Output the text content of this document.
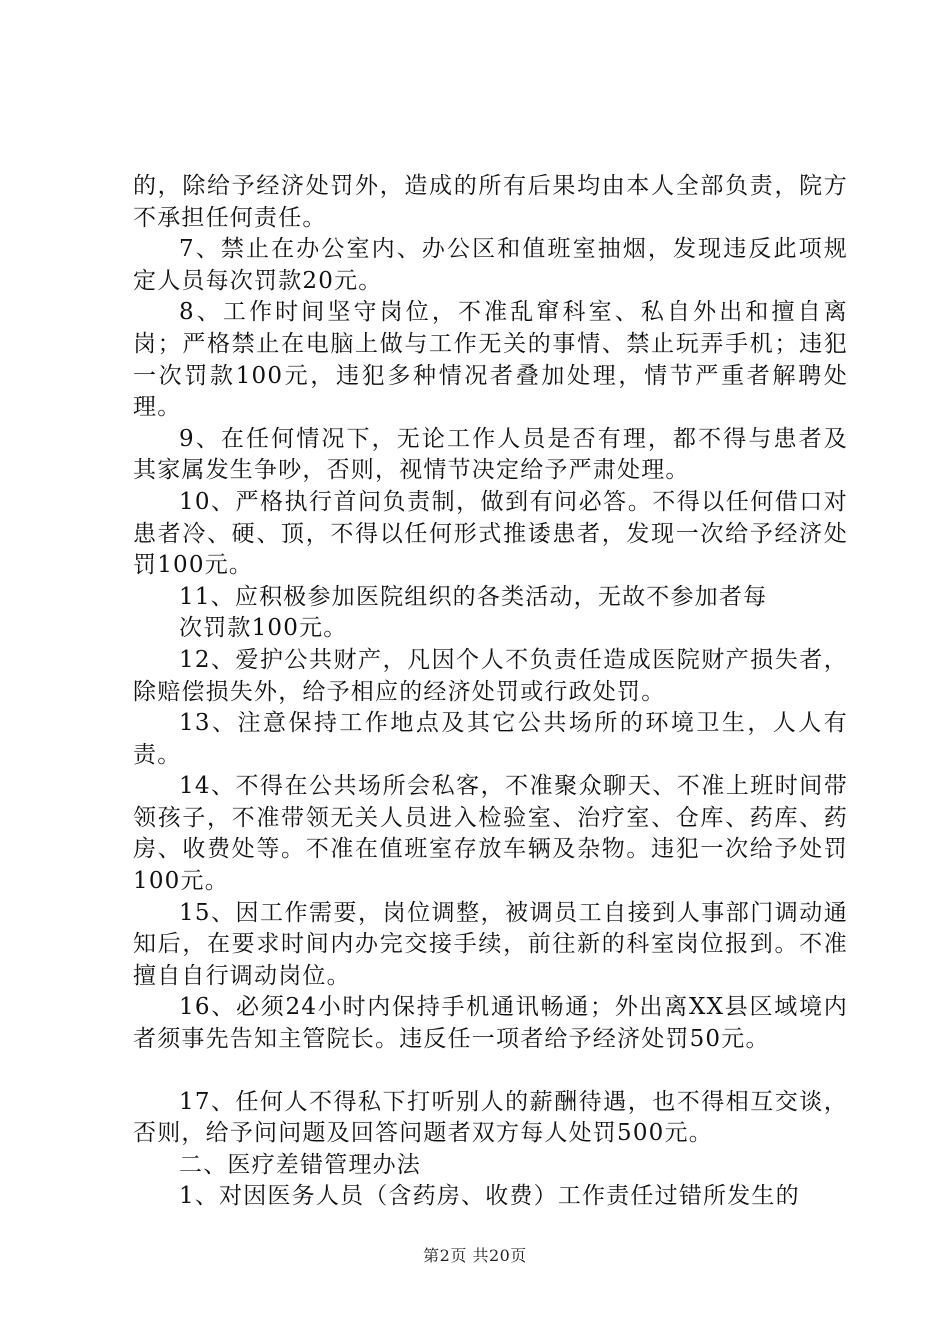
的，除给予经济处罚外，造成的所有后果均由本人全部负责，院方不承担任何责任。

7、禁止在办公室内、办公区和值班室抽烟，发现违反此项规定人员每次罚款20元。

8、工作时间坚守岗位，不准乱窜科室、私自外出和擅自离岗；严格禁止在电脑上做与工作无关的事情、禁止玩弄手机；违犯一次罚款100元，违犯多种情况者叠加处理，情节严重者解聘处理。

9、在任何情况下，无论工作人员是否有理，都不得与患者及其家属发生争吵，否则，视情节决定给予严肃处理。

10、严格执行首问负责制，做到有问必答。不得以任何借口对患者冷、硬、顶，不得以任何形式推诿患者，发现一次给予经济处罚100元。

11、应积极参加医院组织的各类活动，无故不参加者每
次罚款100元。

12、爱护公共财产，凡因个人不负责任造成医院财产损失者，除赔偿损失外，给予相应的经济处罚或行政处罚。

13、注意保持工作地点及其它公共场所的环境卫生，人人有责。

14、不得在公共场所会私客，不准聚众聊天、不准上班时间带领孩子，不准带领无关人员进入检验室、治疗室、仓库、药库、药房、收费处等。不准在值班室存放车辆及杂物。违犯一次给予处罚100元。

15、因工作需要，岗位调整，被调员工自接到人事部门调动通知后，在要求时间内办完交接手续，前往新的科室岗位报到。不准擅自自行调动岗位。

16、必须24小时内保持手机通讯畅通；外出离XX县区域境内者须事先告知主管院长。违反任一项者给予经济处罚50元。

17、任何人不得私下打听别人的薪酬待遇，也不得相互交谈，否则，给予问问题及回答问题者双方每人处罚500元。

二、医疗差错管理办法

1、对因医务人员（含药房、收费）工作责任过错所发生的

第2页 共20页
